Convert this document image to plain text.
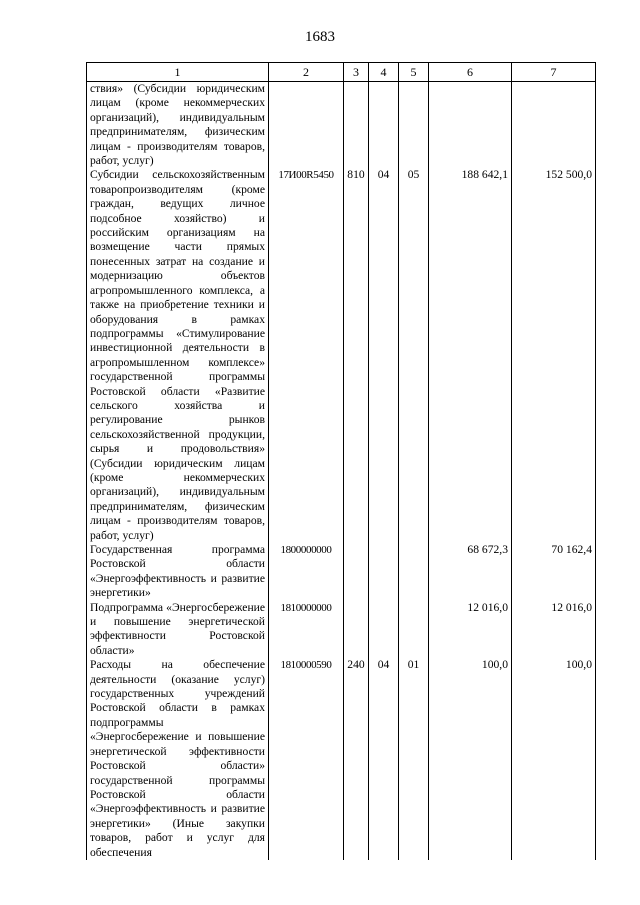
1683
1	2	3	4	5	6	7
ствия» (Субсидии юридическим лицам (кроме некоммерческих организаций), индивидуальным предпринимателям, физическим лицам - производителям товаров, работ, услуг)						
Субсидии сельскохозяйственным товаропроизводителям (кроме граждан, ведущих личное подсобное хозяйство) и российским организациям на возмещение части прямых понесенных затрат на создание и модернизацию объектов агропромышленного комплекса, а также на приобретение техники и оборудования в рамках подпрограммы «Стимулирование инвестиционной деятельности в агропромышленном комплексе» государственной программы Ростовской области «Развитие сельского хозяйства и регулирование рынков сельскохозяйственной продукции, сырья и продовольствия» (Субсидии юридическим лицам (кроме некоммерческих организаций), индивидуальным предпринимателям, физическим лицам - производителям товаров, работ, услуг)	17И00R5450	810	04	05	188 642,1	152 500,0
Государственная программа Ростовской области «Энергоэффективность и развитие энергетики»	1800000000				68 672,3	70 162,4
Подпрограмма «Энергосбережение и повышение энергетической эффективности Ростовской области»	1810000000				12 016,0	12 016,0
Расходы на обеспечение деятельности (оказание услуг) государственных учреждений Ростовской области в рамках подпрограммы «Энергосбережение и повышение энергетической эффективности Ростовской области» государственной программы Ростовской области «Энергоэффективность и развитие энергетики» (Иные закупки товаров, работ и услуг для обеспечения	1810000590	240	04	01	100,0	100,0
